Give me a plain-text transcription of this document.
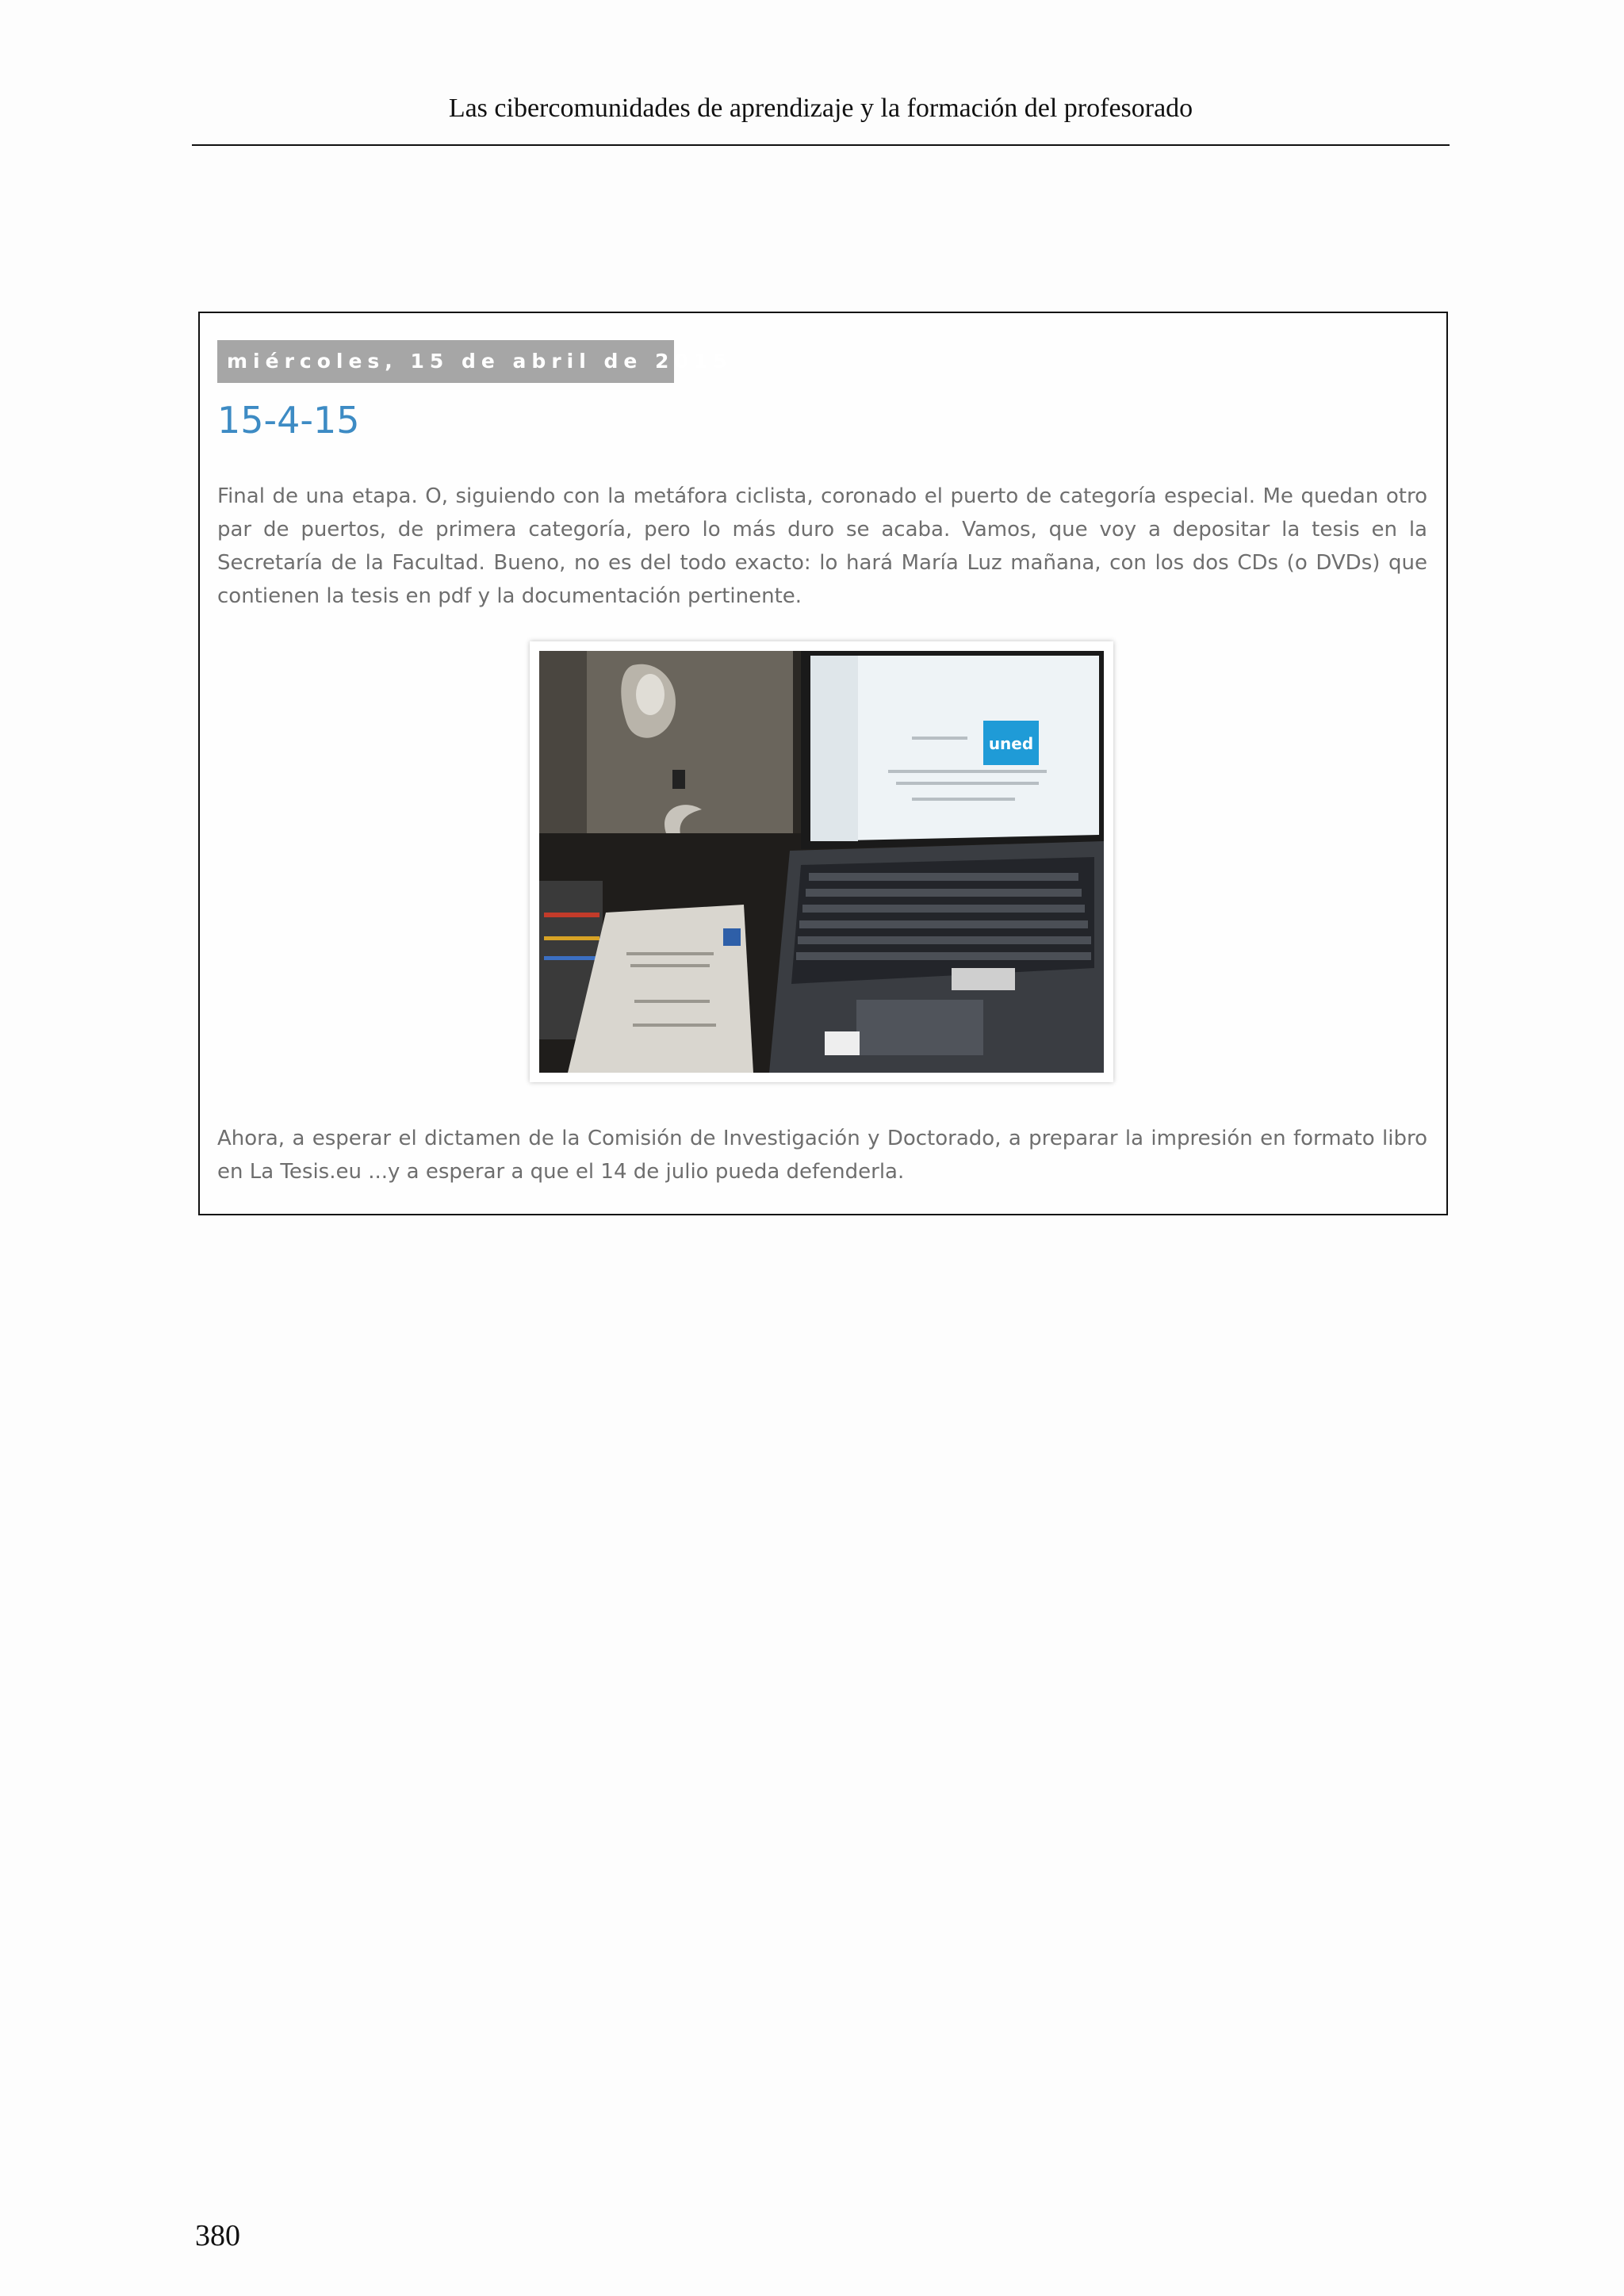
Las cibercomunidades de aprendizaje y la formación del profesorado
miércoles, 15 de abril de 2015
15-4-15

Final de una etapa. O, siguiendo con la metáfora ciclista, coronado el puerto de categoría especial. Me quedan otro par de puertos, de primera categoría, pero lo más duro se acaba. Vamos, que voy a depositar la tesis en la Secretaría de la Facultad. Bueno, no es del todo exacto: lo hará María Luz mañana, con los dos CDs (o DVDs) que contienen la tesis en pdf y la documentación pertinente.

uned

Ahora, a esperar el dictamen de la Comisión de Investigación y Doctorado, a preparar la impresión en formato libro en La Tesis.eu ...y a esperar a que el 14 de julio pueda defenderla.

380
